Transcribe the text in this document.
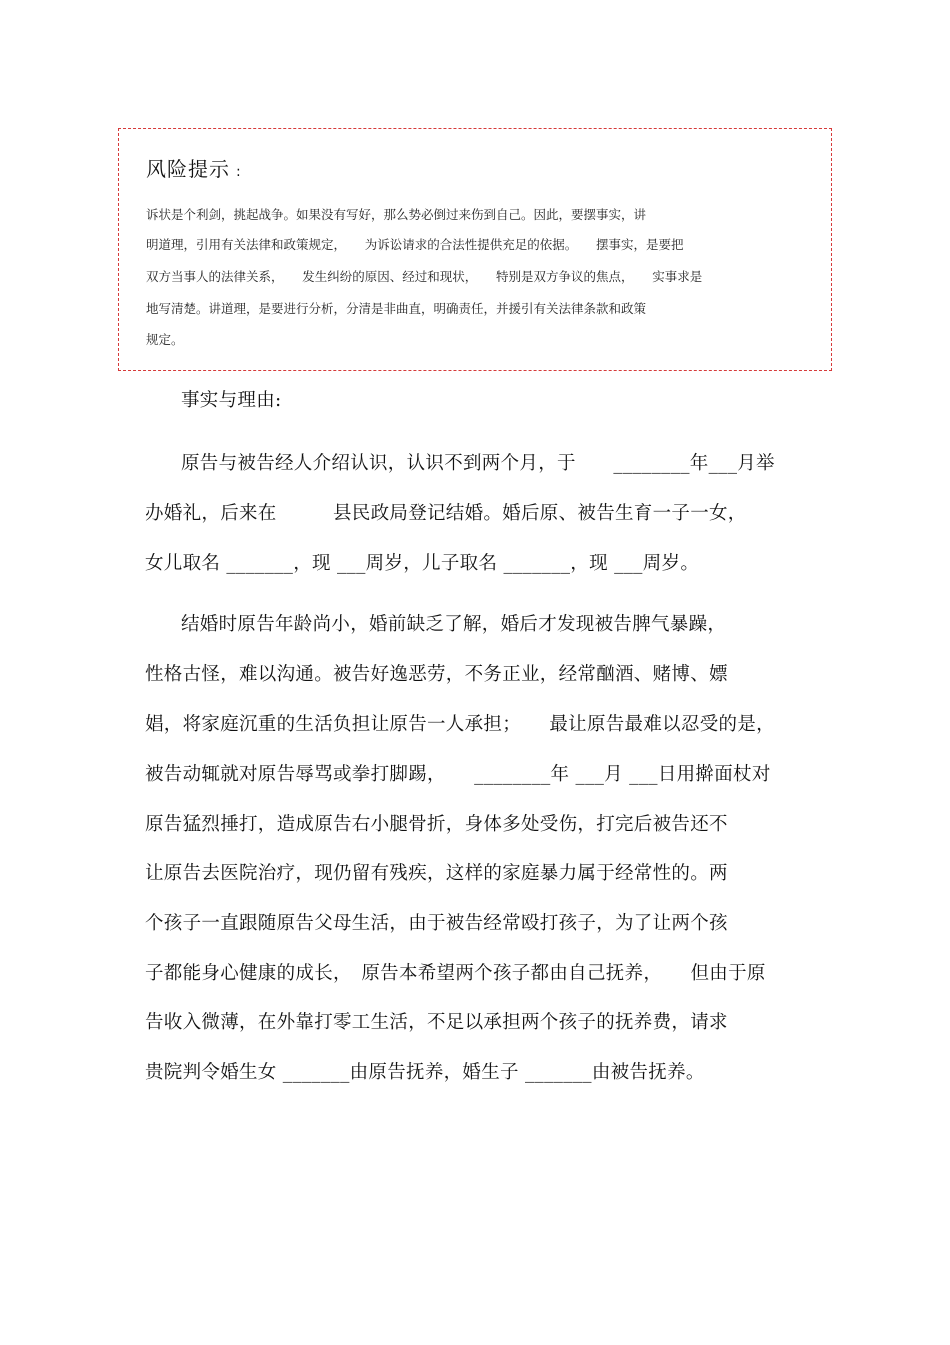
风险提示 :
诉状是个利剑，挑起战争。如果没有写好，那么势必倒过来伤到自己。因此，要摆事实，讲
明道理，引用有关法律和政策规定，　　为诉讼请求的合法性提供充足的依据。　　摆事实，是要把
双方当事人的法律关系，　　发生纠纷的原因、经过和现状，　　特别是双方争议的焦点，　　实事求是
地写清楚。讲道理，是要进行分析，分清是非曲直，明确责任，并援引有关法律条款和政策
规定。
事实与理由:
原告与被告经人介绍认识，认识不到两个月，于　　________年___月举
办婚礼，后来在　　　县民政局登记结婚。婚后原、被告生育一子一女，
女儿取名 _______，现 ___周岁，儿子取名 _______，现 ___周岁。
结婚时原告年龄尚小，婚前缺乏了解，婚后才发现被告脾气暴躁，
性格古怪，难以沟通。被告好逸恶劳，不务正业，经常酗酒、赌博、嫖
娼，将家庭沉重的生活负担让原告一人承担；　　最让原告最难以忍受的是，
被告动辄就对原告辱骂或拳打脚踢，　　________年 ___月 ___日用擀面杖对
原告猛烈捶打，造成原告右小腿骨折，身体多处受伤，打完后被告还不
让原告去医院治疗，现仍留有残疾，这样的家庭暴力属于经常性的。两
个孩子一直跟随原告父母生活，由于被告经常殴打孩子，为了让两个孩
子都能身心健康的成长，　原告本希望两个孩子都由自己抚养，　　但由于原
告收入微薄，在外靠打零工生活，不足以承担两个孩子的抚养费，请求
贵院判令婚生女 _______由原告抚养，婚生子 _______由被告抚养。
